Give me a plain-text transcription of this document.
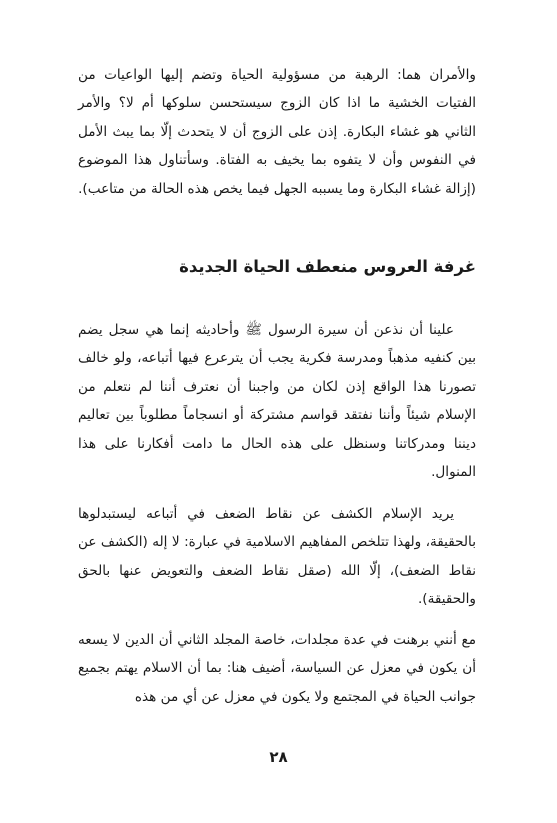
والأمران هما: الرهبة من مسؤولية الحياة وتضم إليها الواعيات من الفتيات الخشية ما اذا كان الزوج سيستحسن سلوكها أم لا؟ والأمر الثاني هو غشاء البكارة. إذن على الزوج أن لا يتحدث إلّا بما يبث الأمل في النفوس وأن لا يتفوه بما يخيف به الفتاة. وسأتناول هذا الموضوع (إزالة غشاء البكارة وما يسببه الجهل فيما يخص هذه الحالة من متاعب).

غرفة العروس منعطف الحياة الجديدة

علينا أن نذعن أن سيرة الرسول ﷺ وأحاديثه إنما هي سجل يضم بين كنفيه مذهباً ومدرسة فكرية يجب أن يترعرع فيها أتباعه، ولو خالف تصورنا هذا الواقع إذن لكان من واجبنا أن نعترف أننا لم نتعلم من الإسلام شيئاً وأننا نفتقد قواسم مشتركة أو انسجاماً مطلوباً بين تعاليم ديننا ومدركاتنا وسنظل على هذه الحال ما دامت أفكارنا على هذا المنوال.

يريد الإسلام الكشف عن نقاط الضعف في أتباعه ليستبدلوها بالحقيقة، ولهذا تتلخص المفاهيم الاسلامية في عبارة: لا إله (الكشف عن نقاط الضعف)، إلّا الله (صقل نقاط الضعف والتعويض عنها بالحق والحقيقة).

مع أنني برهنت في عدة مجلدات، خاصة المجلد الثاني أن الدين لا يسعه أن يكون في معزل عن السياسة، أضيف هنا: بما أن الاسلام يهتم بجميع جوانب الحياة في المجتمع ولا يكون في معزل عن أي من هذه

٢٨
